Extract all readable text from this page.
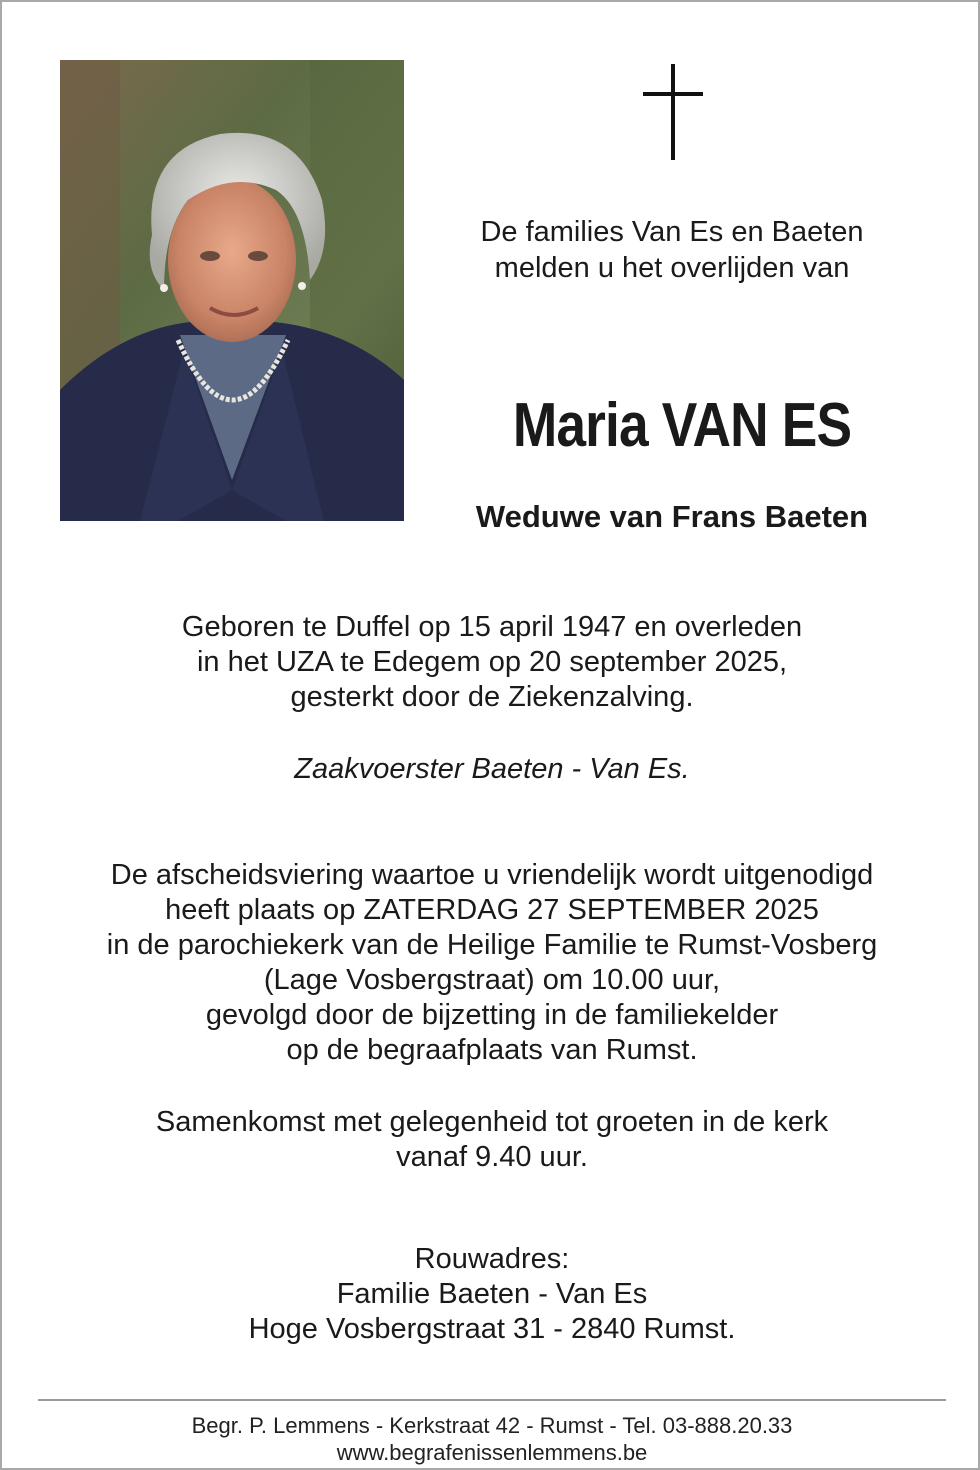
De families Van Es en Baeten
melden u het overlijden van
Maria VAN ES
Weduwe van Frans Baeten
Geboren te Duffel op 15 april 1947 en overleden
in het UZA te Edegem op 20 september 2025,
gesterkt door de Ziekenzalving.
Zaakvoerster Baeten - Van Es.
De afscheidsviering waartoe u vriendelijk wordt uitgenodigd
heeft plaats op ZATERDAG 27 SEPTEMBER 2025
in de parochiekerk van de Heilige Familie te Rumst-Vosberg
(Lage Vosbergstraat) om 10.00 uur,
gevolgd door de bijzetting in de familiekelder
op de begraafplaats van Rumst.
Samenkomst met gelegenheid tot groeten in de kerk
vanaf 9.40 uur.
Rouwadres:
Familie Baeten - Van Es
Hoge Vosbergstraat 31 - 2840 Rumst.
Begr. P. Lemmens - Kerkstraat 42 - Rumst - Tel. 03-888.20.33
www.begrafenissenlemmens.be
